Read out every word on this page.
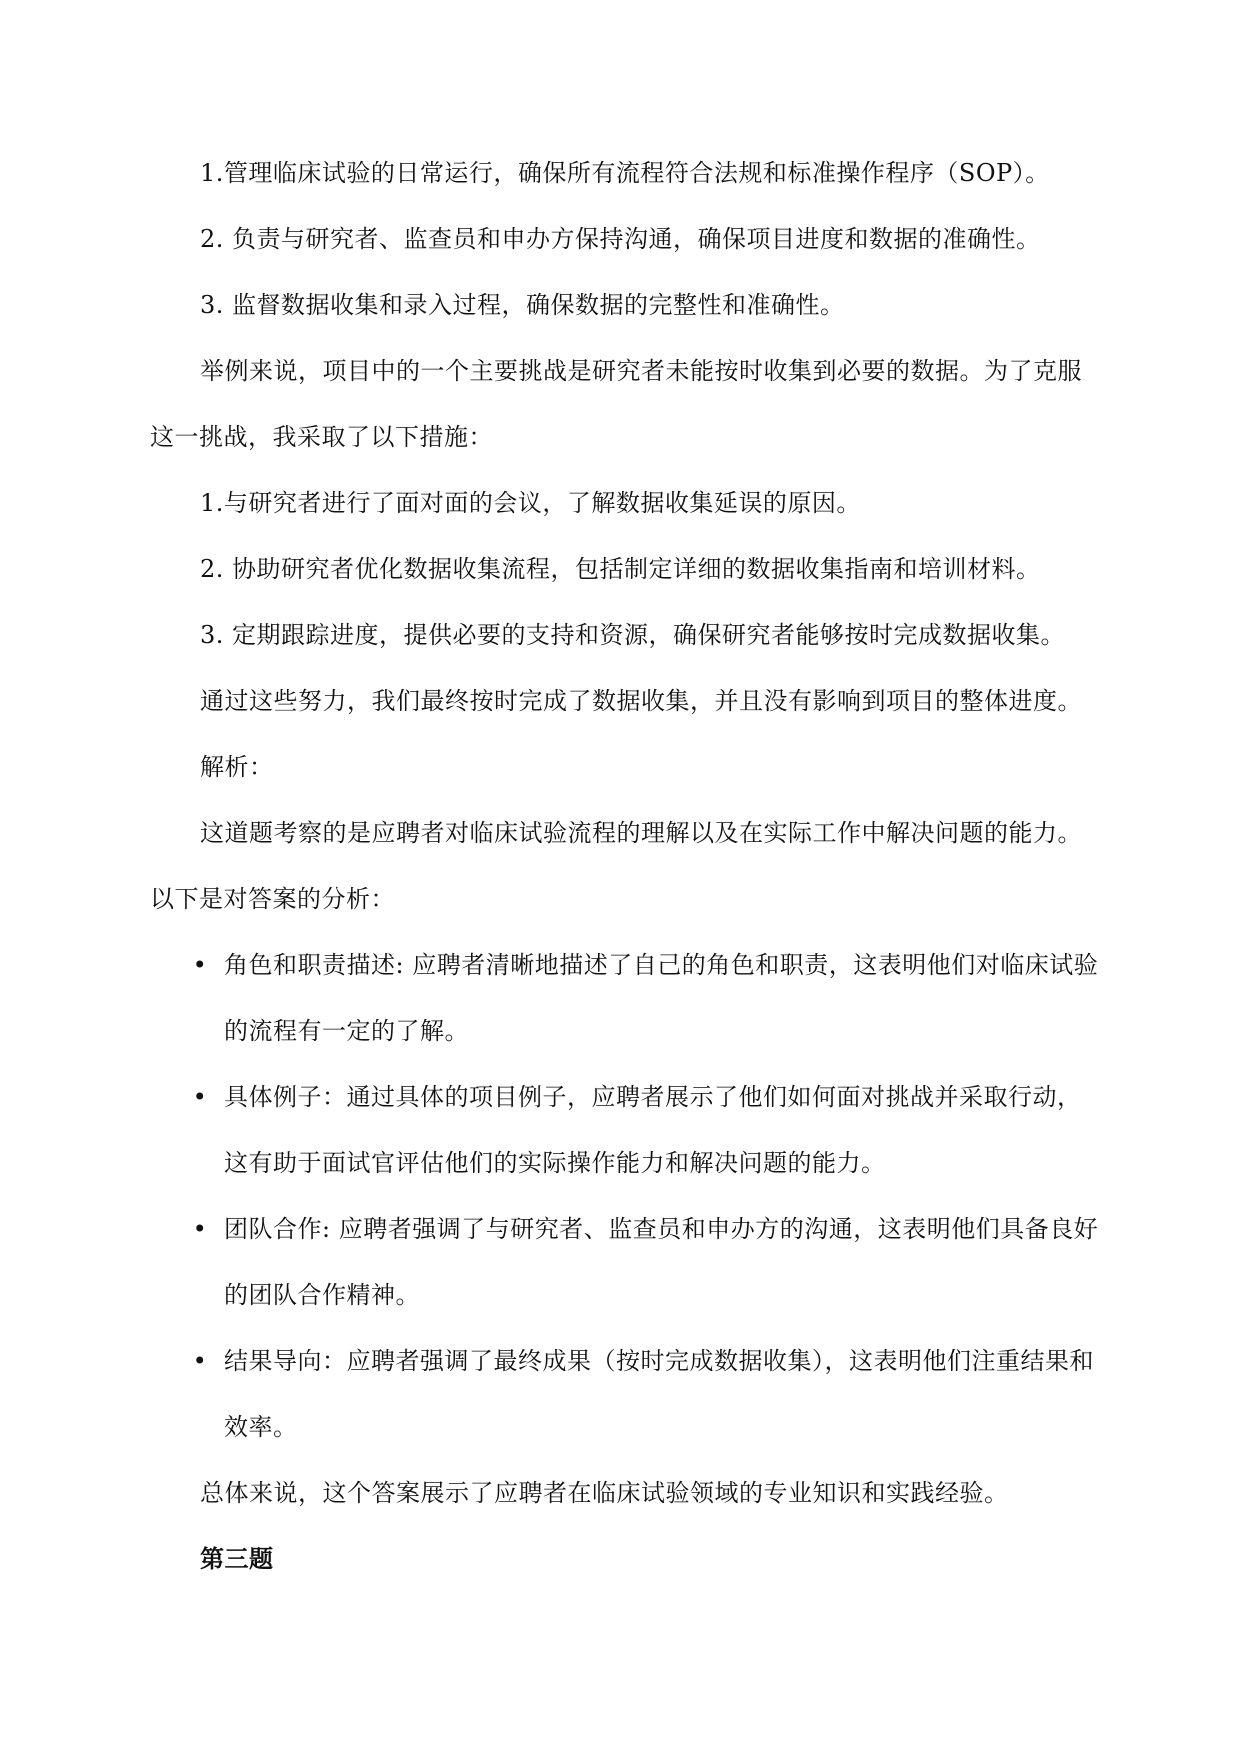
1.管理临床试验的日常运行，确保所有流程符合法规和标准操作程序（SOP）。

2. 负责与研究者、监查员和申办方保持沟通，确保项目进度和数据的准确性。

3. 监督数据收集和录入过程，确保数据的完整性和准确性。

举例来说，项目中的一个主要挑战是研究者未能按时收集到必要的数据。为了克服这一挑战，我采取了以下措施：

1.与研究者进行了面对面的会议，了解数据收集延误的原因。

2. 协助研究者优化数据收集流程，包括制定详细的数据收集指南和培训材料。

3. 定期跟踪进度，提供必要的支持和资源，确保研究者能够按时完成数据收集。

通过这些努力，我们最终按时完成了数据收集，并且没有影响到项目的整体进度。

解析：

这道题考察的是应聘者对临床试验流程的理解以及在实际工作中解决问题的能力。以下是对答案的分析：

• 角色和职责描述: 应聘者清晰地描述了自己的角色和职责，这表明他们对临床试验的流程有一定的了解。
• 具体例子：通过具体的项目例子，应聘者展示了他们如何面对挑战并采取行动，这有助于面试官评估他们的实际操作能力和解决问题的能力。
• 团队合作: 应聘者强调了与研究者、监查员和申办方的沟通，这表明他们具备良好的团队合作精神。
• 结果导向：应聘者强调了最终成果（按时完成数据收集），这表明他们注重结果和效率。

总体来说，这个答案展示了应聘者在临床试验领域的专业知识和实践经验。

第三题
